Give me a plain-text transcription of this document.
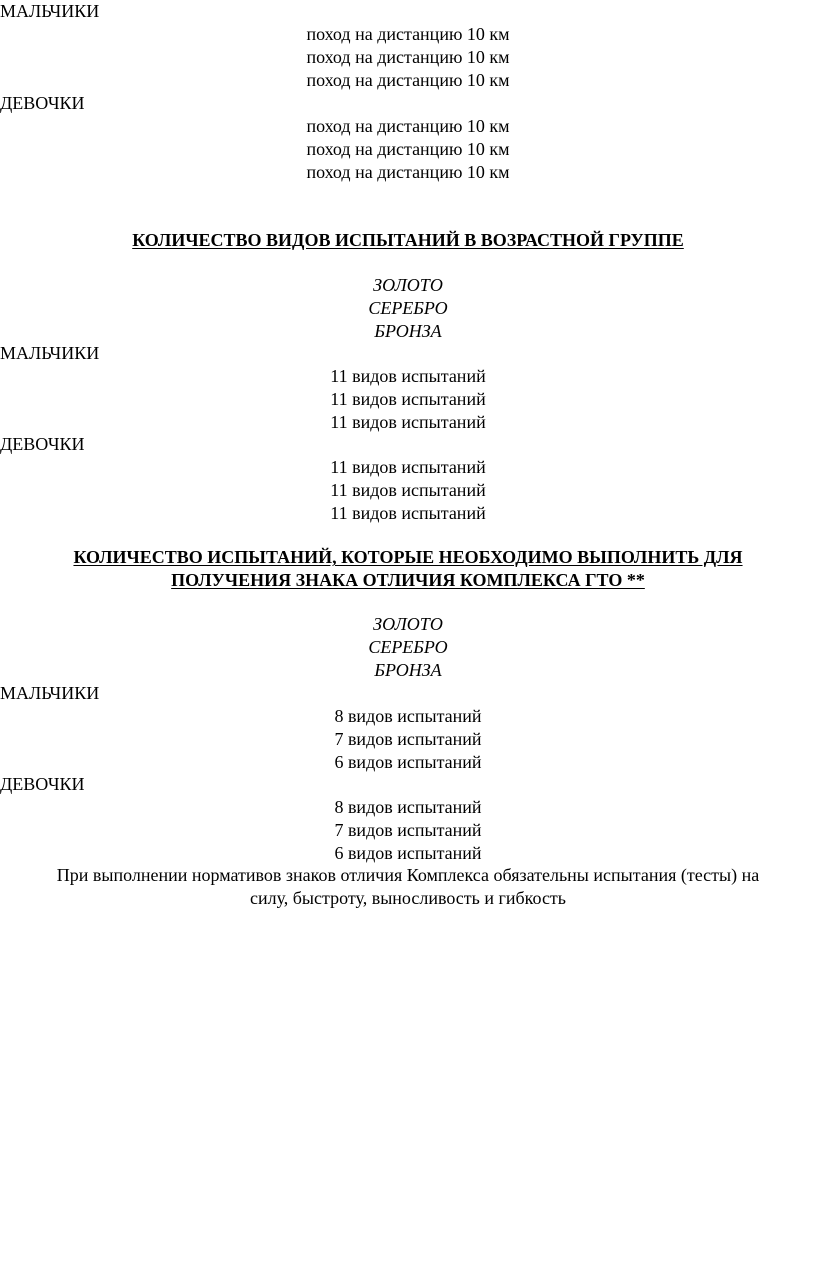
МАЛЬЧИКИ
поход на дистанцию 10 км
поход на дистанцию 10 км
поход на дистанцию 10 км
ДЕВОЧКИ
поход на дистанцию 10 км
поход на дистанцию 10 км
поход на дистанцию 10 км
КОЛИЧЕСТВО ВИДОВ ИСПЫТАНИЙ В ВОЗРАСТНОЙ ГРУППЕ
ЗОЛОТО
СЕРЕБРО
БРОНЗА
МАЛЬЧИКИ
11 видов испытаний
11 видов испытаний
11 видов испытаний
ДЕВОЧКИ
11 видов испытаний
11 видов испытаний
11 видов испытаний
КОЛИЧЕСТВО ИСПЫТАНИЙ, КОТОРЫЕ НЕОБХОДИМО ВЫПОЛНИТЬ ДЛЯ
ПОЛУЧЕНИЯ ЗНАКА ОТЛИЧИЯ КОМПЛЕКСА ГТО **
ЗОЛОТО
СЕРЕБРО
БРОНЗА
МАЛЬЧИКИ
8 видов испытаний
7 видов испытаний
6 видов испытаний
ДЕВОЧКИ
8 видов испытаний
7 видов испытаний
6 видов испытаний
При выполнении нормативов знаков отличия Комплекса обязательны испытания (тесты) на
силу, быстроту, выносливость и гибкость
